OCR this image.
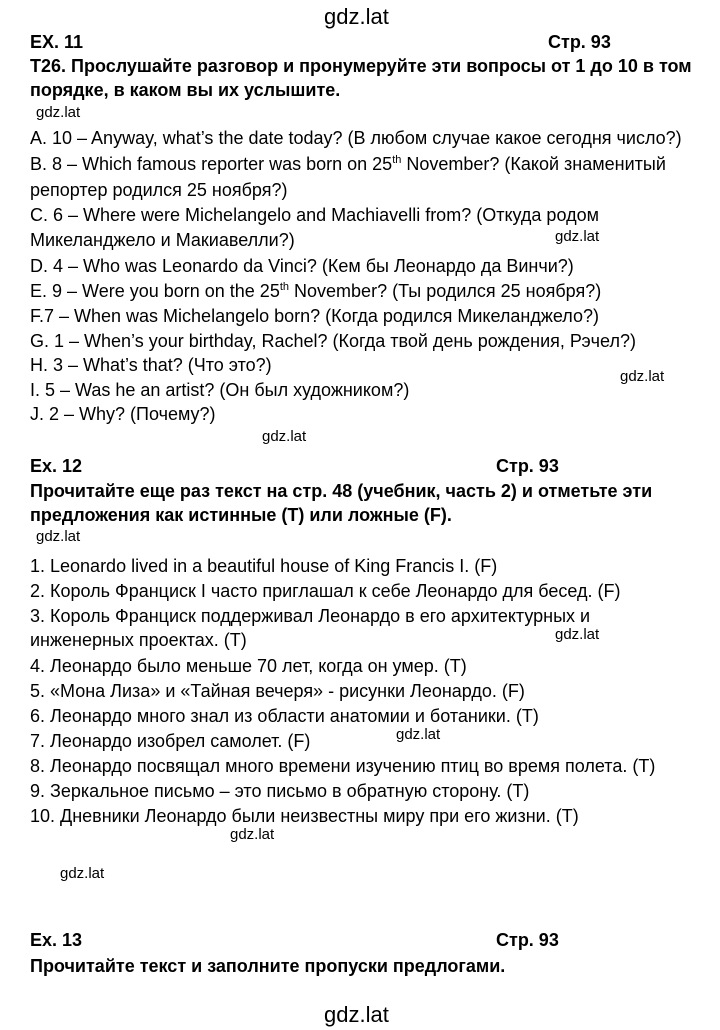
gdz.lat
gdz.lat
gdz.lat
gdz.lat
gdz.lat
gdz.lat
gdz.lat
gdz.lat
gdz.lat
gdz.lat
gdz.lat
EX. 11	Стр. 93
Т26. Прослушайте разговор и пронумеруйте эти вопросы от 1 до 10 в том
порядке, в каком вы их услышите.
A. 10 – Anyway, what’s the date today? (В любом случае какое сегодня число?)
B. 8 – Which famous reporter was born on 25th November? (Какой знаменитый
репортер родился 25 ноября?)
C. 6 – Where were Michelangelo and Machiavelli from? (Откуда родом
Микеланджело и Макиавелли?)
D. 4 – Who was Leonardo da Vinci? (Кем бы Леонардо да Винчи?)
E. 9 – Were you born on the 25th November? (Ты родился 25 ноября?)
F.7 – When was Michelangelo born? (Когда родился Микеланджело?)
G. 1 – When’s your birthday, Rachel? (Когда твой день рождения, Рэчел?)
H. 3 – What’s that? (Что это?)
I. 5 – Was he an artist? (Он был художником?)
J. 2 – Why? (Почему?)
Ex. 12	Стр. 93
Прочитайте еще раз текст на стр. 48 (учебник, часть 2) и отметьте эти
предложения как истинные (T) или ложные (F).
1. Leonardo lived in a beautiful house of King Francis I. (F)
2. Король Франциск I часто приглашал к себе Леонардо для бесед. (F)
3. Король Франциск поддерживал Леонардо в его архитектурных и
инженерных проектах. (T)
4. Леонардо было меньше 70 лет, когда он умер. (T)
5. «Мона Лиза» и «Тайная вечеря» - рисунки Леонардо. (F)
6. Леонардо много знал из области анатомии и ботаники. (T)
7. Леонардо изобрел самолет. (F)
8. Леонардо посвящал много времени изучению птиц во время полета. (T)
9. Зеркальное письмо – это письмо в обратную сторону. (T)
10. Дневники Леонардо были неизвестны миру при его жизни. (T)
Ex. 13	Стр. 93
Прочитайте текст и заполните пропуски предлогами.
